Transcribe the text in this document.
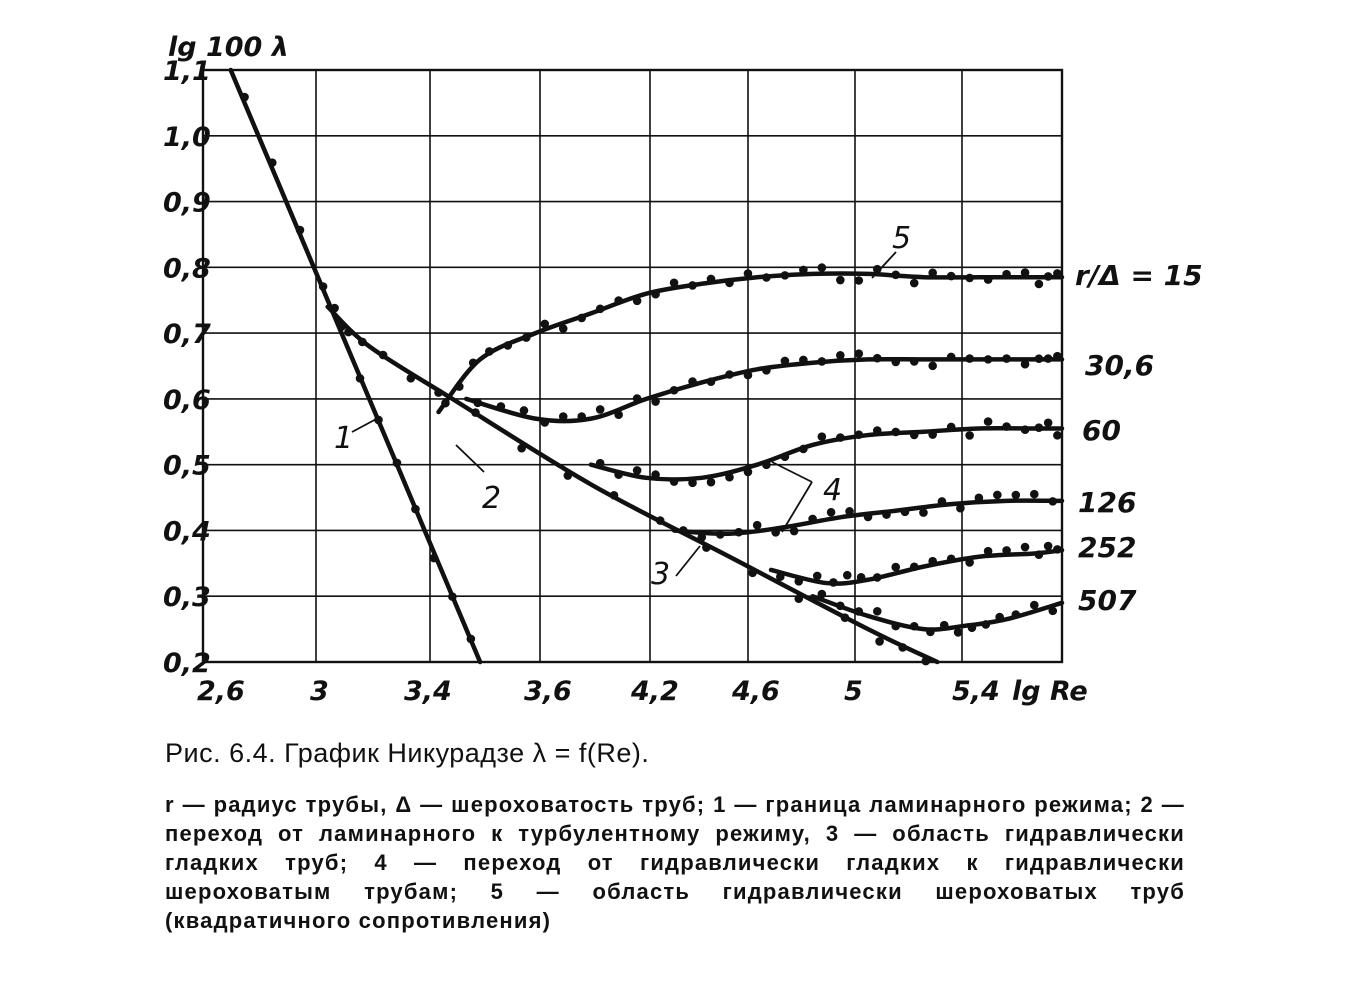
0,2
0,3
0,4
0,5
0,6
0,7
0,8
0,9
1,0
1,1
2,6 3	3,4	3,6 4,2 4,6 5	5,4
lg 100 λ
lg Re
r/Δ = 15
30,6
60
126
252
507
1
2
3
4
5
Рис. 6.4. График Никурадзе λ = f(Re).
r — радиус трубы, Δ — шероховатость труб; 1 — граница ламинарного режима; 2 — переход от ламинарного к турбулентному режиму, 3 — область гидравлически гладких труб; 4 — переход от гидравлически гладких к гидравлически шероховатым трубам; 5 — область гидравлически шероховатых труб (квадратичного сопротивления)
